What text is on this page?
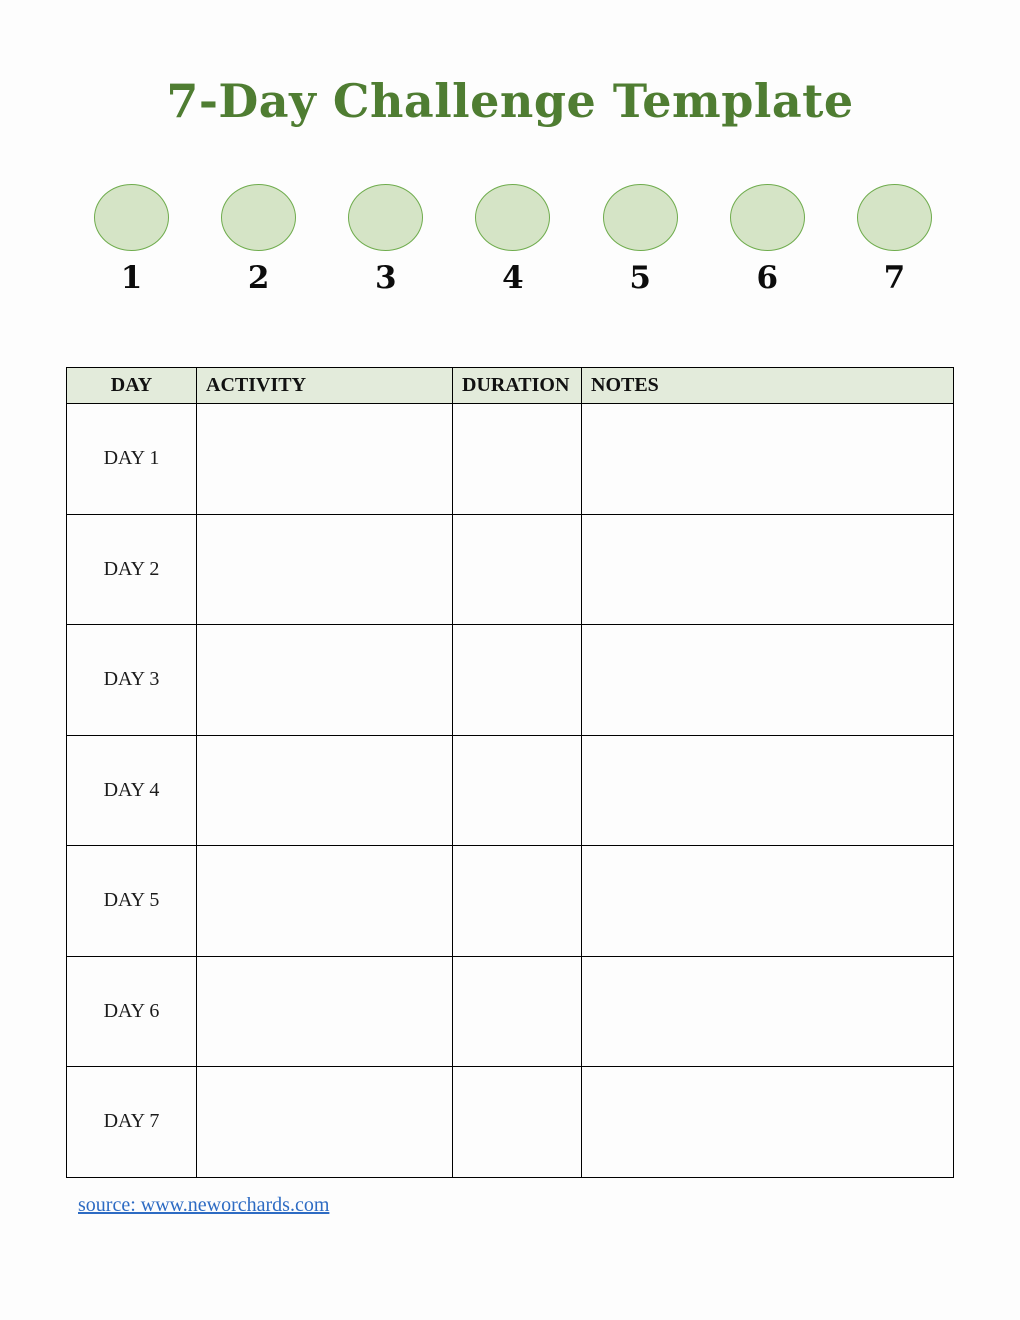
7-Day Challenge Template
1	2	3	4	5	6	7
DAY	ACTIVITY	DURATION	NOTES
DAY 1			
DAY 2			
DAY 3			
DAY 4			
DAY 5			
DAY 6			
DAY 7			
source: www.neworchards.com
